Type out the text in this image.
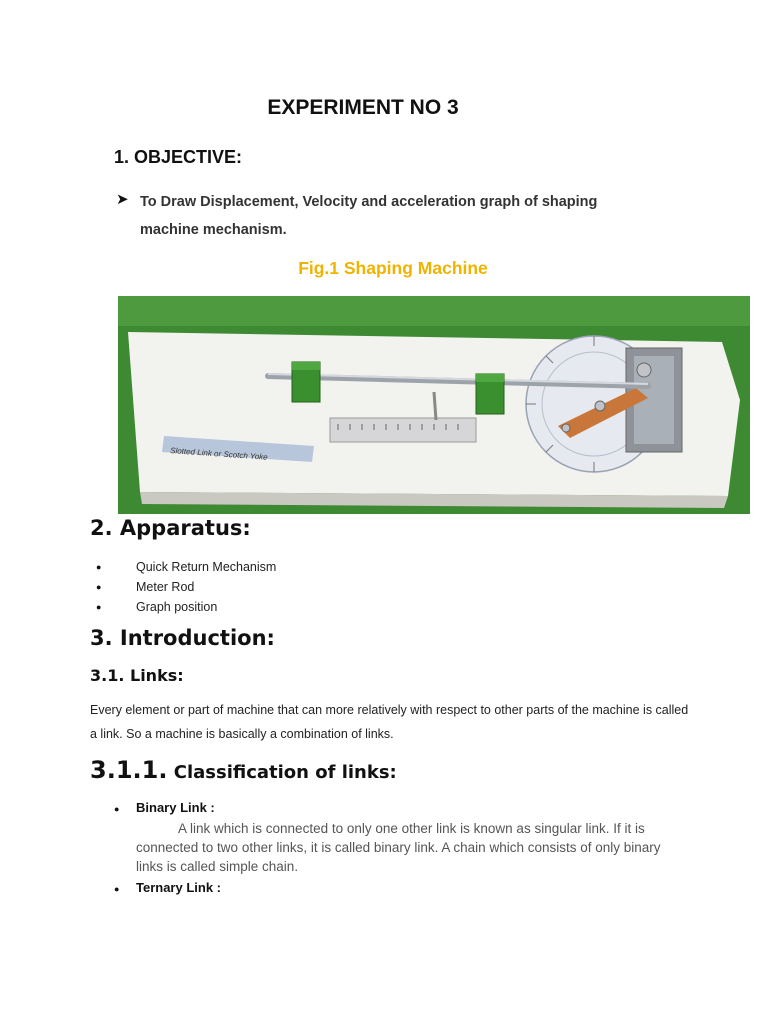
EXPERIMENT NO 3
1. OBJECTIVE:
➤ To Draw Displacement, Velocity and acceleration graph of shaping machine mechanism.
Fig.1 Shaping Machine
Slotted Link or Scotch Yoke
2. Apparatus:
● Quick Return Mechanism
● Meter Rod
● Graph position
3. Introduction:
3.1. Links:
Every element or part of machine that can more relatively with respect to other parts of the machine is called a link. So a machine is basically a combination of links.
3.1.1. Classification of links:
● Binary Link :
A link which is connected to only one other link is known as singular link. If it is connected to two other links, it is called binary link. A chain which consists of only binary links is called simple chain.
● Ternary Link :
